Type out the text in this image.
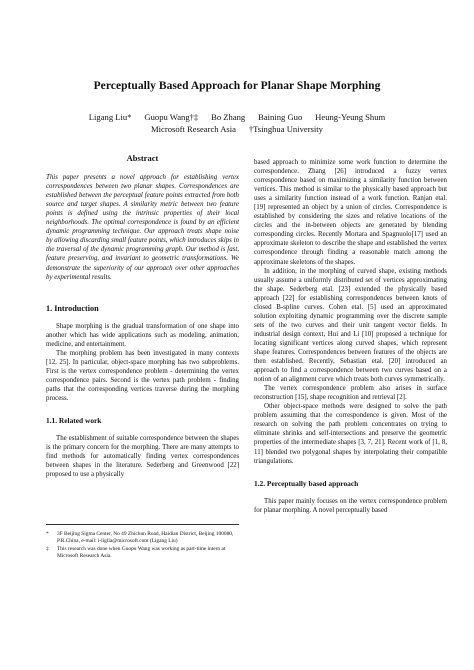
Perceptually Based Approach for Planar Shape Morphing
Ligang Liu*      Guopu Wang†‡      Bo Zhang      Baining Guo      Heung-Yeung Shum
Microsoft Research Asia      †Tsinghua University
Abstract

This paper presents a novel approach for establishing vertex correspondences between two planar shapes. Correspondences are established between the perceptual feature points extracted from both source and target shapes. A similarity metric between two feature points is defined using the intrinsic properties of their local neighborhoods. The optimal correspondence is found by an efficient dynamic programming technique. Our approach treats shape noise by allowing discarding small feature points, which introduces skips in the traversal of the dynamic programming graph. Our method is fast, feature preserving, and invariant to geometric transformations. We demonstrate the superiority of our approach over other approaches by experimental results.

1. Introduction

Shape morphing is the gradual transformation of one shape into another which has wide applications such as modeling, animation, medicine, and entertainment.

The morphing problem has been investigated in many contexts [12, 25]. In particular, object-space morphing has two subproblems. First is the vertex correspondence problem - determining the vertex correspondence pairs. Second is the vertex path problem - finding paths that the corresponding vertices traverse during the morphing process.

1.1. Related work

The establishment of suitable correspondence between the shapes is the primary concern for the morphing. There are many attempts to find methods for automatically finding vertex correspondences between shapes in the literature. Sederberg and Greenwood [22] proposed to use a physically

*	3F Beijing Sigma Center, No 49 Zhichun Road, Haidian District, Beijing 100080, P.R.China, e-mail: i-liglia@microsoft.com (Ligang Liu)
‡	This research was done when Guopu Wang was working as part-time intern at Microsoft Research Asia.

based approach to minimize some work function to determine the correspondence. Zhang [26] introduced a fuzzy vertex correspondence based on maximizing a similarity function between vertices. This method is similar to the physically based approach but uses a similarity function instead of a work function. Ranjan etal. [19] represented an object by a union of circles. Correspondence is established by considering the sizes and relative locations of the circles and the in-between objects are generated by blending corresponding circles. Recently Mortara and Spagnuolo[17] used an approximate skeleton to describe the shape and established the vertex correspondence through finding a reasonable match among the approximate skeletons of the shapes.

In addition, in the morphing of curved shape, existing methods usually assume a uniformly distributed set of vertices approximating the shape. Sederberg etal. [23] extended the physically based approach [22] for establishing correspondences between knots of closed B-spline curves. Cohen etal. [5] used an approximated solution exploiting dynamic programming over the discrete sample sets of the two curves and their unit tangent vector fields. In industrial design context, Hui and Li [10] proposed a technique for locating significant vertices along curved shapes, which represent shape features. Correspondences between features of the objects are then established. Recently, Sebastian etal. [20] introduced an approach to find a correspondence between two curves based on a notion of an alignment curve which treats both curves symmetrically.

The vertex correspondence problem also arises in surface reconstruction [15], shape recognition and retrieval [2].

Other object-space methods were designed to solve the path problem assuming that the correspondence is given. Most of the research on solving the path problem concentrates on trying to eliminate shrinks and self-intersections and preserve the geometric properties of the intermediate shapes [3, 7, 21]. Recent work of [1, 8, 11] blended two polygonal shapes by interpolating their compatible triangulations.

1.2. Perceptually based approach

This paper mainly focuses on the vertex correspondence problem for planar morphing. A novel perceptually based
